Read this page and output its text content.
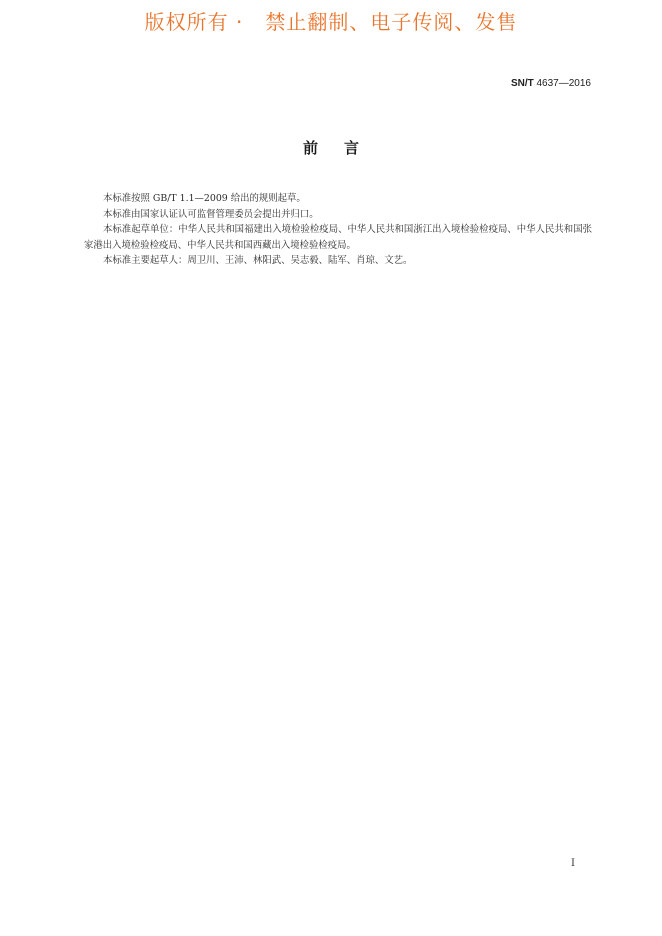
版权所有 ·   禁止翻制、电子传阅、发售
SN/T 4637—2016
前言

本标准按照 GB/T 1.1—2009 给出的规则起草。

本标准由国家认证认可监督管理委员会提出并归口。

本标准起草单位：中华人民共和国福建出入境检验检疫局、中华人民共和国浙江出入境检验检疫局、中华人民共和国张家港出入境检验检疫局、中华人民共和国西藏出入境检验检疫局。

本标准主要起草人：周卫川、王沛、林阳武、吴志毅、陆军、肖琼、文艺。

I
